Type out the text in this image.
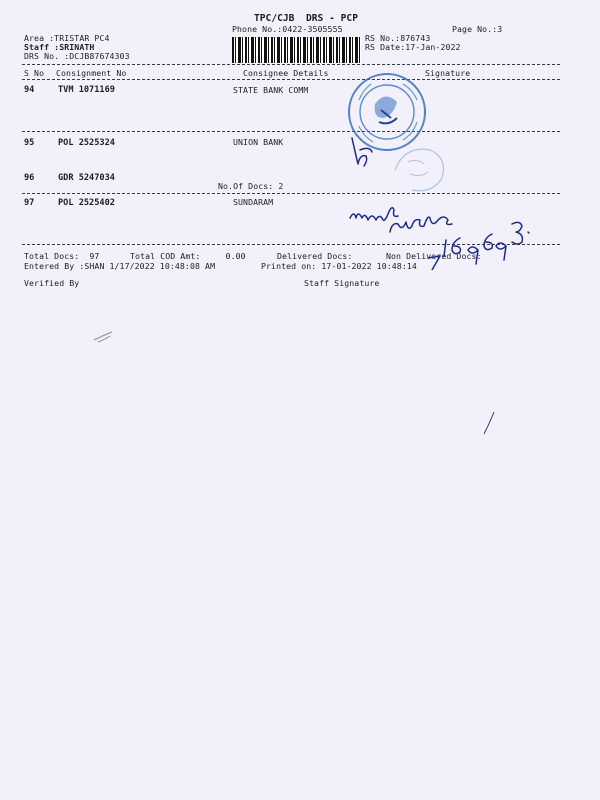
TPC/CJB  DRS - PCP
Phone No.:0422-3505555	Page No.:3
Area :TRISTAR PC4
Staff :SRINATH
DRS No. :DCJB87674303
RS No.:876743
RS Date:17-Jan-2022
S No Consignment No	Consignee Details	Signature
94	TVM 1071169	STATE BANK COMM
95	POL 2525324	UNION BANK
96	GDR 5247034
No.Of Docs: 2
97	POL 2525402	SUNDARAM
Total Docs:  97	Total COD Amt:     0.00	Delivered Docs:	Non Delivered Docs:
Entered By :SHAN 1/17/2022 10:48:08 AM	Printed on: 17-01-2022 10:48:14
Verified By	Staff Signature
